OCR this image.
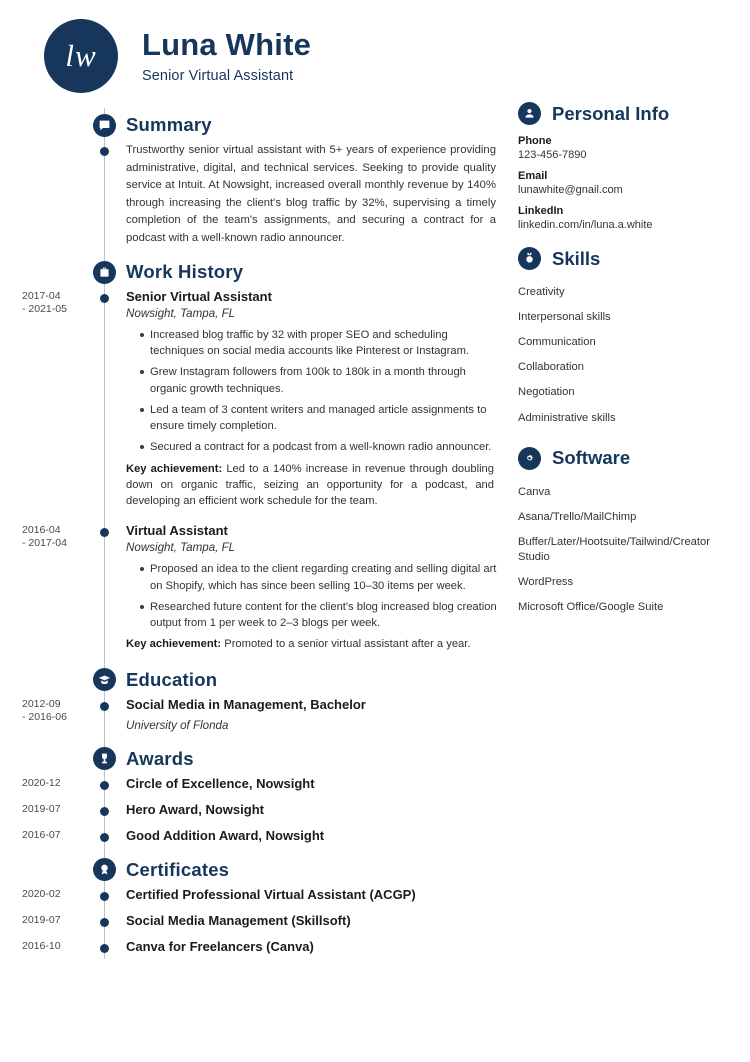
lw	Luna White
Senior Virtual Assistant
Summary
Trustworthy senior virtual assistant with 5+ years of experience providing administrative, digital, and technical services. Seeking to provide quality service at Intuit. At Nowsight, increased overall monthly revenue by 140% through increasing the client's blog traffic by 32%, supervising a timely completion of the team's assignments, and securing a contract for a podcast with a well-known radio announcer.
Work History
2017-04
- 2021-05
Senior Virtual Assistant
Nowsight, Tampa, FL
Increased blog traffic by 32 with proper SEO and scheduling techniques on social media accounts like Pinterest or Instagram.
Grew Instagram followers from 100k to 180k in a month through organic growth techniques.
Led a team of 3 content writers and managed article assignments to ensure timely completion.
Secured a contract for a podcast from a well-known radio announcer.
Key achievement: Led to a 140% increase in revenue through doubling down on organic traffic, seizing an opportunity for a podcast, and developing an efficient work schedule for the team.
2016-04
- 2017-04
Virtual Assistant
Nowsight, Tampa, FL
Proposed an idea to the client regarding creating and selling digital art on Shopify, which has since been selling 10–30 items per week.
Researched future content for the client's blog increased blog creation output from 1 per week to 2–3 blogs per week.
Key achievement: Promoted to a senior virtual assistant after a year.
Education
2012-09
- 2016-06
Social Media in Management, Bachelor
University of Flonda
Awards
2020-12	Circle of Excellence, Nowsight
2019-07	Hero Award, Nowsight
2016-07	Good Addition Award, Nowsight
Certificates
2020-02	Certified Professional Virtual Assistant (ACGP)
2019-07	Social Media Management (Skillsoft)
2016-10	Canva for Freelancers (Canva)
Personal Info
Phone
123-456-7890
Email
lunawhite@gnail.com
LinkedIn
linkedin.com/in/luna.a.white
Skills
Creativity
Interpersonal skills
Communication
Collaboration
Negotiation
Administrative skills
Software
Canva
Asana/Trello/MailChimp
Buffer/Later/Hootsuite/Tailwind/Creator Studio
WordPress
Microsoft Office/Google Suite
